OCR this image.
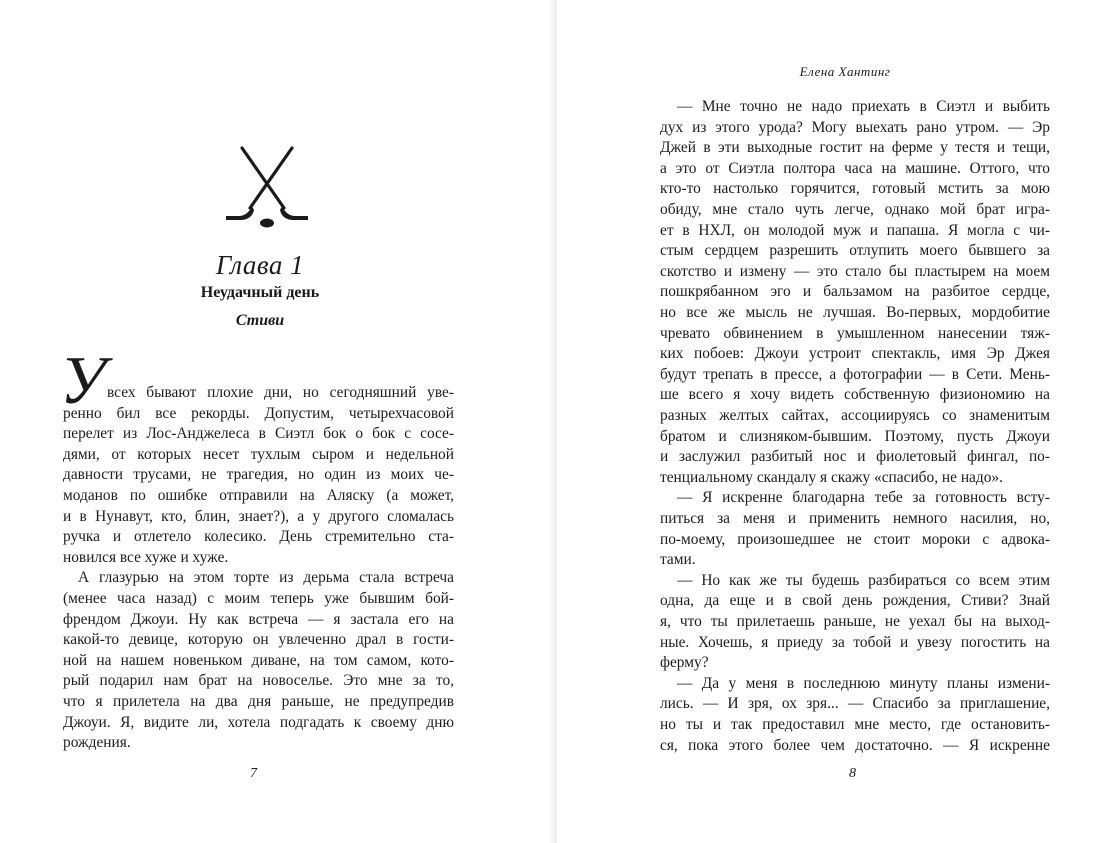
Глава 1
Неудачный день
Стиви
У всех бывают плохие дни, но сегодняшний уве-
ренно бил все рекорды. Допустим, четырехчасовой
перелет из Лос-Анджелеса в Сиэтл бок о бок с сосе-
дями, от которых несет тухлым сыром и недельной
давности трусами, не трагедия, но один из моих че-
моданов по ошибке отправили на Аляску (а может,
и в Нунавут, кто, блин, знает?), а у другого сломалась
ручка и отлетело колесико. День стремительно ста-
новился все хуже и хуже.
А глазурью на этом торте из дерьма стала встреча
(менее часа назад) с моим теперь уже бывшим бой-
френдом Джоуи. Ну как встреча — я застала его на
какой-то девице, которую он увлеченно драл в гости-
ной на нашем новеньком диване, на том самом, кото-
рый подарил нам брат на новоселье. Это мне за то,
что я прилетела на два дня раньше, не предупредив
Джоуи. Я, видите ли, хотела подгадать к своему дню
рождения.
7
Елена Хантинг
— Мне точно не надо приехать в Сиэтл и выбить
дух из этого урода? Могу выехать рано утром. — Эр
Джей в эти выходные гостит на ферме у тестя и тещи,
а это от Сиэтла полтора часа на машине. Оттого, что
кто-то настолько горячится, готовый мстить за мою
обиду, мне стало чуть легче, однако мой брат игра-
ет в НХЛ, он молодой муж и папаша. Я могла с чи-
стым сердцем разрешить отлупить моего бывшего за
скотство и измену — это стало бы пластырем на моем
пошкрябанном эго и бальзамом на разбитое сердце,
но все же мысль не лучшая. Во-первых, мордобитие
чревато обвинением в умышленном нанесении тяж-
ких побоев: Джоуи устроит спектакль, имя Эр Джея
будут трепать в прессе, а фотографии — в Сети. Мень-
ше всего я хочу видеть собственную физиономию на
разных желтых сайтах, ассоциируясь со знаменитым
братом и слизняком-бывшим. Поэтому, пусть Джоуи
и заслужил разбитый нос и фиолетовый фингал, по-
тенциальному скандалу я скажу «спасибо, не надо».
— Я искренне благодарна тебе за готовность всту-
питься за меня и применить немного насилия, но,
по-моему, произошедшее не стоит мороки с адвока-
тами.
— Но как же ты будешь разбираться со всем этим
одна, да еще и в свой день рождения, Стиви? Знай
я, что ты прилетаешь раньше, не уехал бы на выход-
ные. Хочешь, я приеду за тобой и увезу погостить на
ферму?
— Да у меня в последнюю минуту планы измени-
лись. — И зря, ох зря... — Спасибо за приглашение,
но ты и так предоставил мне место, где остановить-
ся, пока этого более чем достаточно. — Я искренне
8
